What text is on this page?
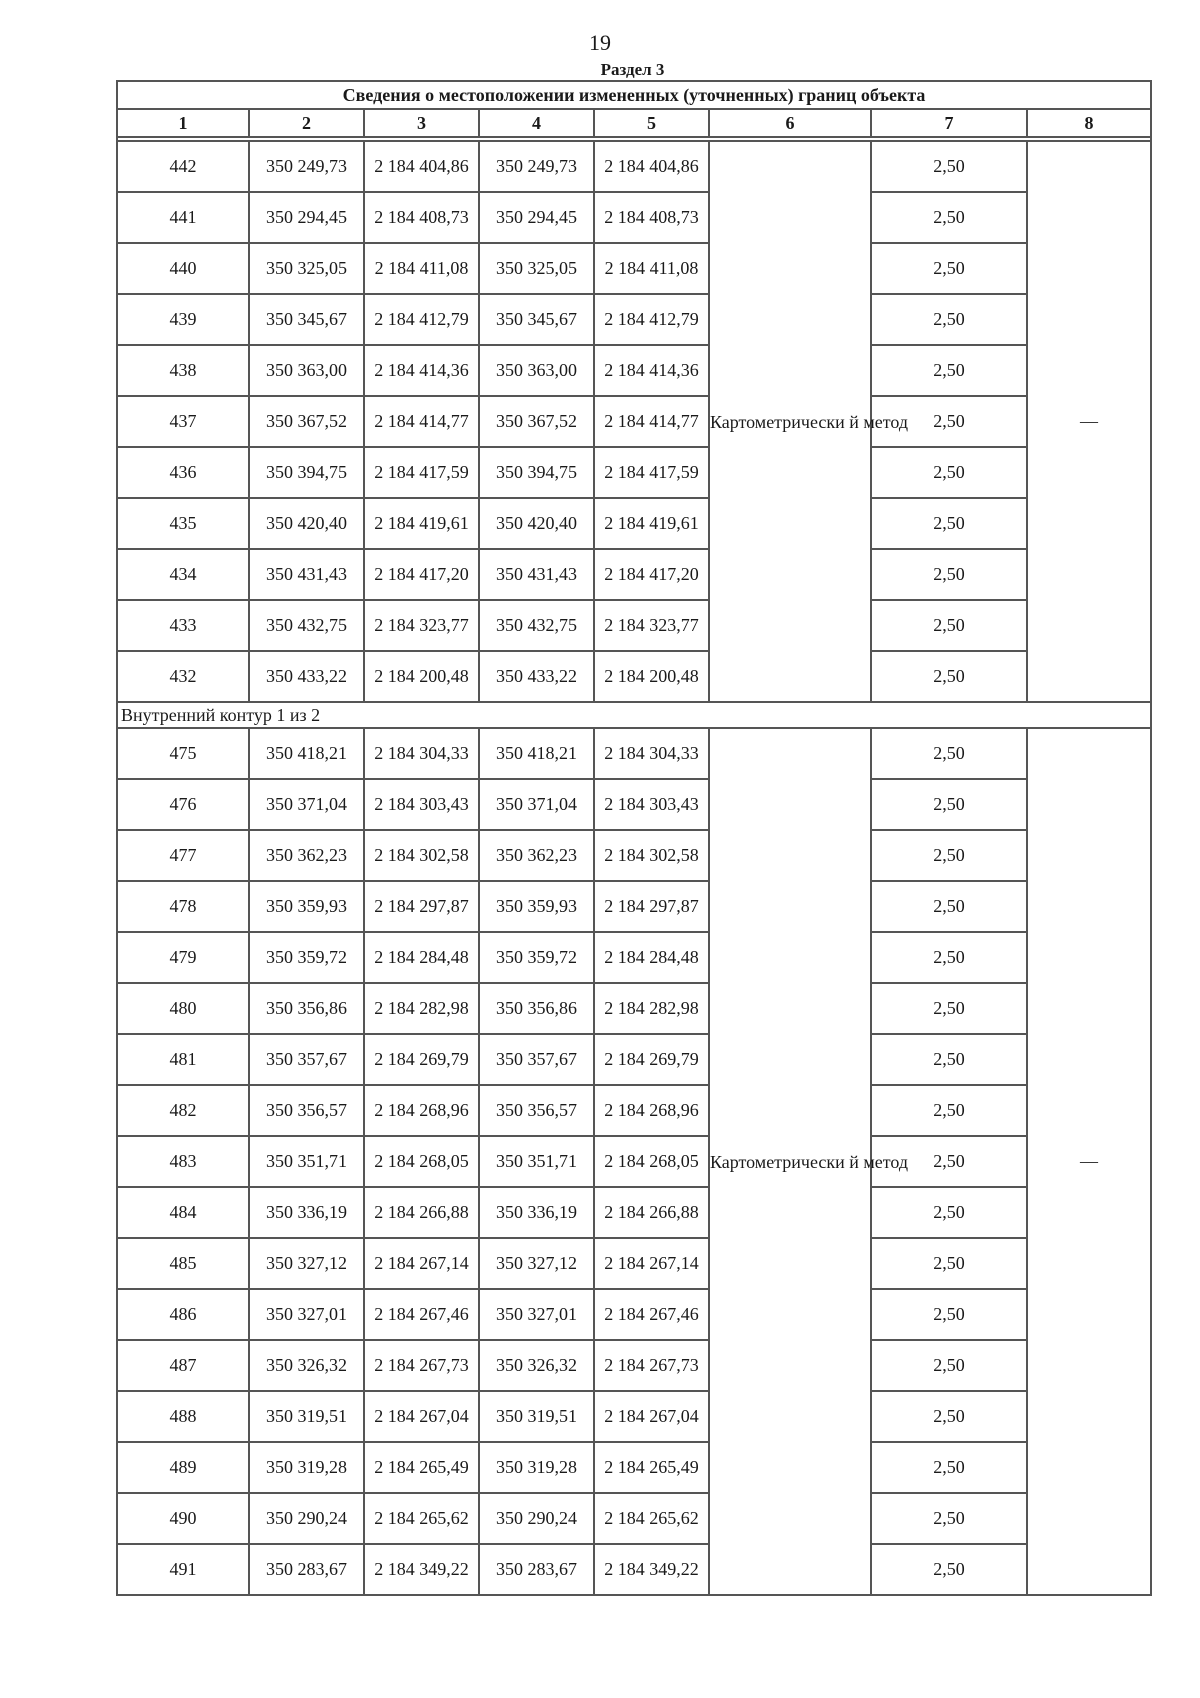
19
Раздел 3
Сведения о местоположении измененных (уточненных) границ объекта							
1	2	3	4	5	6	7	8

442	350 249,73	2 184 404,86	350 249,73	2 184 404,86	Картометрически й метод	2,50	—
441	350 294,45	2 184 408,73	350 294,45	2 184 408,73		2,50	
440	350 325,05	2 184 411,08	350 325,05	2 184 411,08		2,50	
439	350 345,67	2 184 412,79	350 345,67	2 184 412,79		2,50	
438	350 363,00	2 184 414,36	350 363,00	2 184 414,36		2,50	
437	350 367,52	2 184 414,77	350 367,52	2 184 414,77		2,50	
436	350 394,75	2 184 417,59	350 394,75	2 184 417,59		2,50	
435	350 420,40	2 184 419,61	350 420,40	2 184 419,61		2,50	
434	350 431,43	2 184 417,20	350 431,43	2 184 417,20		2,50	
433	350 432,75	2 184 323,77	350 432,75	2 184 323,77		2,50	
432	350 433,22	2 184 200,48	350 433,22	2 184 200,48		2,50	
Внутренний контур 1 из 2							
475	350 418,21	2 184 304,33	350 418,21	2 184 304,33	Картометрически й метод	2,50	—
476	350 371,04	2 184 303,43	350 371,04	2 184 303,43		2,50	
477	350 362,23	2 184 302,58	350 362,23	2 184 302,58		2,50	
478	350 359,93	2 184 297,87	350 359,93	2 184 297,87		2,50	
479	350 359,72	2 184 284,48	350 359,72	2 184 284,48		2,50	
480	350 356,86	2 184 282,98	350 356,86	2 184 282,98		2,50	
481	350 357,67	2 184 269,79	350 357,67	2 184 269,79		2,50	
482	350 356,57	2 184 268,96	350 356,57	2 184 268,96		2,50	
483	350 351,71	2 184 268,05	350 351,71	2 184 268,05		2,50	
484	350 336,19	2 184 266,88	350 336,19	2 184 266,88		2,50	
485	350 327,12	2 184 267,14	350 327,12	2 184 267,14		2,50	
486	350 327,01	2 184 267,46	350 327,01	2 184 267,46		2,50	
487	350 326,32	2 184 267,73	350 326,32	2 184 267,73		2,50	
488	350 319,51	2 184 267,04	350 319,51	2 184 267,04		2,50	
489	350 319,28	2 184 265,49	350 319,28	2 184 265,49		2,50	
490	350 290,24	2 184 265,62	350 290,24	2 184 265,62		2,50	
491	350 283,67	2 184 349,22	350 283,67	2 184 349,22		2,50	
